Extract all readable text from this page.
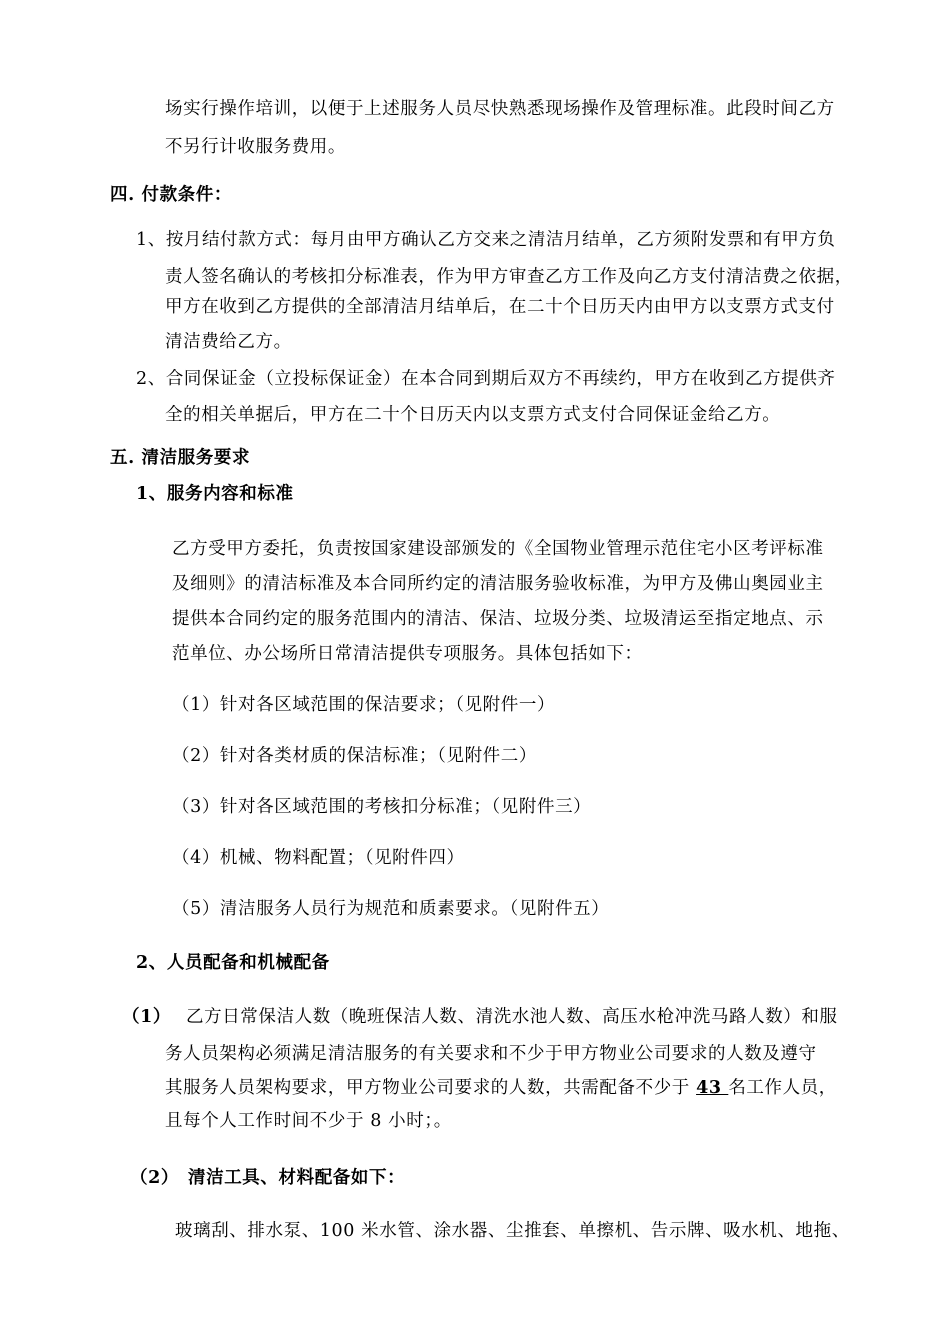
场实行操作培训，以便于上述服务人员尽快熟悉现场操作及管理标准。此段时间乙方
不另行计收服务费用。
四. 付款条件：
1、按月结付款方式：每月由甲方确认乙方交来之清洁月结单，乙方须附发票和有甲方负
责人签名确认的考核扣分标准表，作为甲方审查乙方工作及向乙方支付清洁费之依据，
甲方在收到乙方提供的全部清洁月结单后，在二十个日历天内由甲方以支票方式支付
清洁费给乙方。
2、合同保证金（立投标保证金）在本合同到期后双方不再续约，甲方在收到乙方提供齐
全的相关单据后，甲方在二十个日历天内以支票方式支付合同保证金给乙方。
五. 清洁服务要求
1、服务内容和标准
乙方受甲方委托，负责按国家建设部颁发的《全国物业管理示范住宅小区考评标准
及细则》的清洁标准及本合同所约定的清洁服务验收标准，为甲方及佛山奥园业主
提供本合同约定的服务范围内的清洁、保洁、垃圾分类、垃圾清运至指定地点、示
范单位、办公场所日常清洁提供专项服务。具体包括如下：
（1）针对各区域范围的保洁要求；（见附件一）
（2）针对各类材质的保洁标准；（见附件二）
（3）针对各区域范围的考核扣分标准；（见附件三）
（4）机械、物料配置；（见附件四）
（5）清洁服务人员行为规范和质素要求。（见附件五）
2、人员配备和机械配备
（1） 乙方日常保洁人数（晚班保洁人数、清洗水池人数、高压水枪冲洗马路人数）和服
务人员架构必须满足清洁服务的有关要求和不少于甲方物业公司要求的人数及遵守
其服务人员架构要求，甲方物业公司要求的人数，共需配备不少于 43 名工作人员，
且每个人工作时间不少于 8 小时；。
（2） 清洁工具、材料配备如下：
玻璃刮、排水泵、100 米水管、涂水器、尘推套、单擦机、告示牌、吸水机、地拖、
